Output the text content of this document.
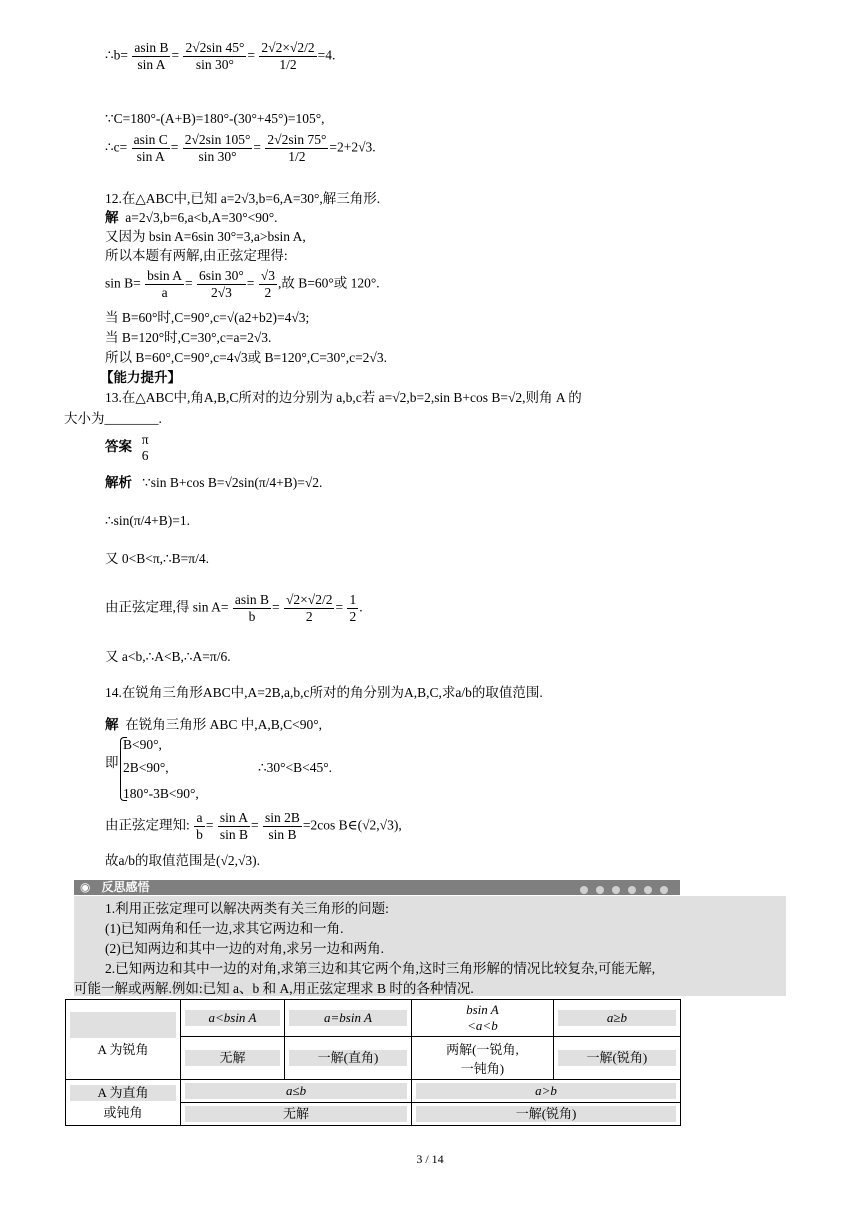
∴b= $\frac{\text{asin B}}{\text{sin A}} = \frac{2√2\sin 45^\circ}{\sin 30^\circ} = \frac{2√2\times√2/2}{1/2} =4$.
∵C=180°-(A+B)=180°-(30°+45°)=105°,
∴c= $\frac{\text{asin C}}{\text{sin A}} = \frac{2√2\sin 105^\circ}{\sin 30^\circ} = \frac{2√2\sin 75^\circ}{1/2} =2+2√3$.
12.在△ABC中,已知 a=2√3,b=6,A=30°,解三角形.
解 a=2√3,b=6,a<b,A=30°<90°.
又因为 bsin A=6sin 30°=3,a>bsin A,
所以本题有两解,由正弦定理得:
$\sin B= \frac{\text{bsin A}}{a} = \frac{6\sin 30^\circ}{2√3} = \frac{√3}{2}$ ,故 B=60°或 120°.
当 B=60°时,C=90°,c=√(a2+b2)=4√3;
当 B=120°时,C=30°,c=a=2√3.
所以 B=60°,C=90°,c=4√3或 B=120°,C=30°,c=2√3.
【能力提升】
13.在△ABC中,角A,B,C所对的边分别为 a,b,c若 a=√2,b=2,sin B+cos B=√2,则角 A 的
大小为________.
答案 π
6
解析 ∵sin B+cos B=√2sin(π/4+B)=√2.
∴sin(π/4+B)=1.
又 0<B<π,∴B=π/4.
由正弦定理,得 $\sin A= \frac{\text{asin B}}{b} = \frac{√2\times√2/2}{2} = \frac{1}{2}$ .
又 a<b,∴A<B,∴A=π/6.
14.在锐角三角形ABC中,A=2B,a,b,c所对的角分别为A,B,C,求a/b的取值范围.
解 在锐角三角形 ABC 中,A,B,C<90°,
即
B<90°,
2B<90°,
180°-3B<90°,
∴30°<B<45°.
由正弦定理知: $\frac{a}{b} = \frac{\text{sin A}}{\text{sin B}} = \frac{\sin 2B}{\text{sin B}} =2\cos$ B∈(√2,√3),
故a/b的取值范围是(√2,√3).
◉ 反思感悟
1.利用正弦定理可以解决两类有关三角形的问题:
(1)已知两角和任一边,求其它两边和一角.
(2)已知两边和其中一边的对角,求另一边和两角.
2.已知两边和其中一边的对角,求第三边和其它两个角,这时三角形解的情况比较复杂,可能无解,
可能一解或两解.例如:已知 a、b 和 A,用正弦定理求 B 时的各种情况.
A 为锐角	a<bsin A	a=bsin A	bsin A
<a<b	a≥b

	无解	一解(直角)	两解(一锐角,
一钝角)	一解(锐角)

A 为直角
或钝角	a≤b		a>b	

	无解		一解(锐角)	
3 / 14
